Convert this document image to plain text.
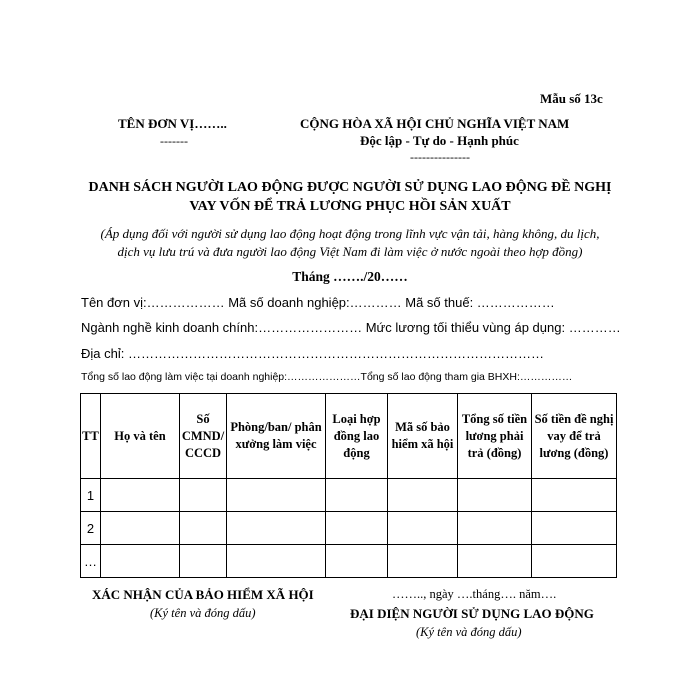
Mẫu số 13c
TÊN ĐƠN VỊ……..
-------
CỘNG HÒA XÃ HỘI CHỦ NGHĨA VIỆT NAM
Độc lập - Tự do - Hạnh phúc
---------------
DANH SÁCH NGƯỜI LAO ĐỘNG ĐƯỢC NGƯỜI SỬ DỤNG LAO ĐỘNG ĐỀ NGHỊ
VAY VỐN ĐỂ TRẢ LƯƠNG PHỤC HỒI SẢN XUẤT
(Áp dụng đối với người sử dụng lao động hoạt động trong lĩnh vực vận tải, hàng không, du lịch,
dịch vụ lưu trú và đưa người lao động Việt Nam đi làm việc ở nước ngoài theo hợp đồng)
Tháng ……./20……
Tên đơn vị:……………… Mã số doanh nghiệp:………… Mã số thuế: ………………
Ngành nghề kinh doanh chính:…………………… Mức lương tối thiểu vùng áp dụng: …………
Địa chỉ: ……………………………………………………………………………………
Tổng số lao động làm việc tại doanh nghiệp:…………………Tổng số lao động tham gia BHXH:……………
TT	Họ và tên	Số CMND/ CCCD	Phòng/ban/ phân xưởng làm việc	Loại hợp đồng lao động	Mã số bảo hiểm xã hội	Tổng số tiền lương phải trả (đồng)	Số tiền đề nghị vay để trả lương (đồng)
1							
2							
…							
XÁC NHẬN CỦA BẢO HIỂM XÃ HỘI
(Ký tên và đóng dấu)
…….., ngày ….tháng…. năm….
ĐẠI DIỆN NGƯỜI SỬ DỤNG LAO ĐỘNG
(Ký tên và đóng dấu)
